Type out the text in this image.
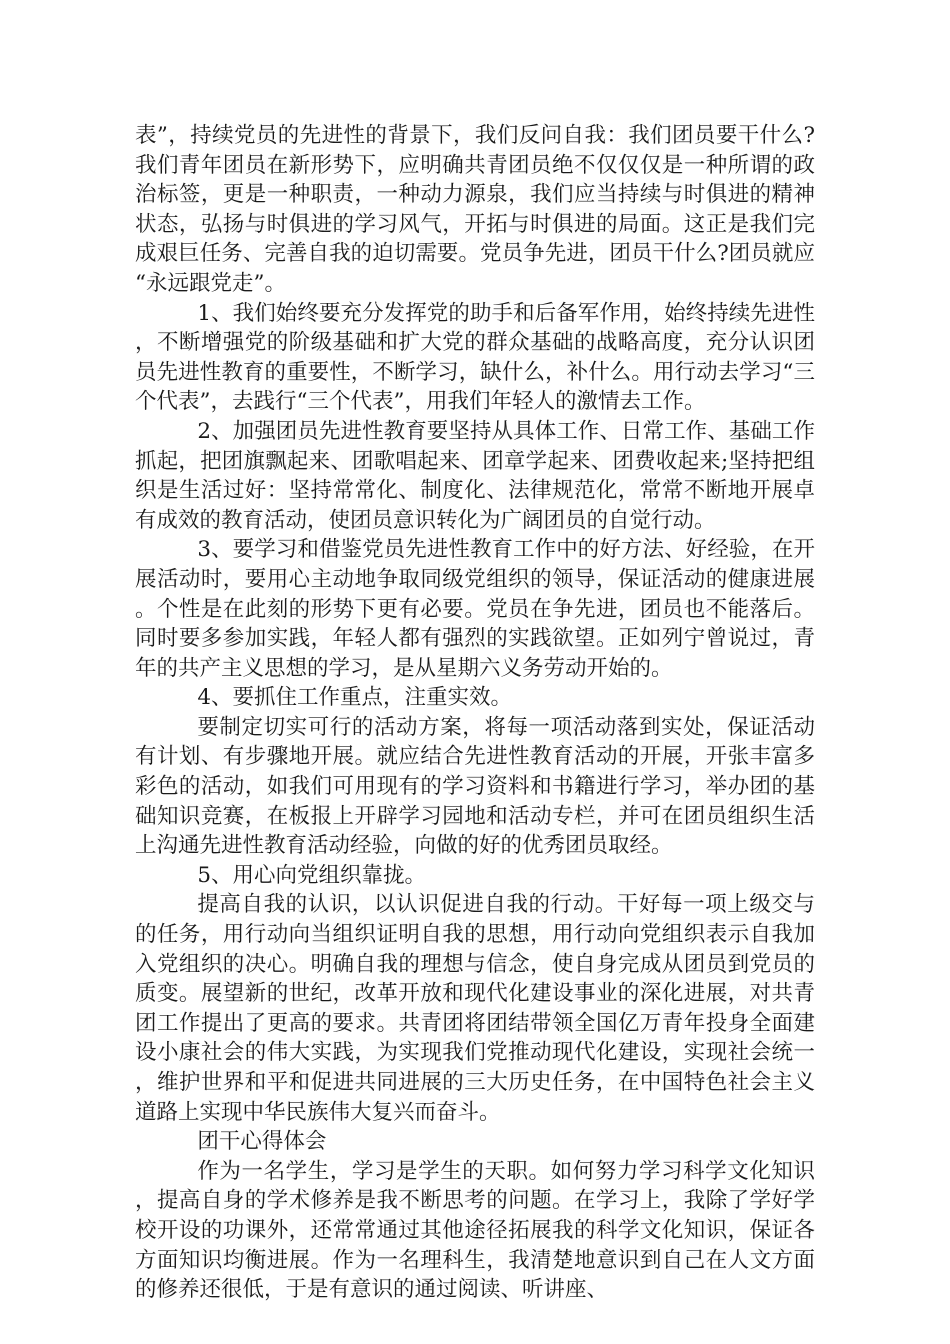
表”，持续党员的先进性的背景下，我们反问自我：我们团员要干什么?我们青年团员在新形势下，应明确共青团员绝不仅仅仅是一种所谓的政治标签，更是一种职责，一种动力源泉，我们应当持续与时俱进的精神状态，弘扬与时俱进的学习风气，开拓与时俱进的局面。这正是我们完成艰巨任务、完善自我的迫切需要。党员争先进，团员干什么?团员就应“永远跟党走”。

1、我们始终要充分发挥党的助手和后备军作用，始终持续先进性，不断增强党的阶级基础和扩大党的群众基础的战略高度，充分认识团员先进性教育的重要性，不断学习，缺什么，补什么。用行动去学习“三个代表”，去践行“三个代表”，用我们年轻人的激情去工作。

2、加强团员先进性教育要坚持从具体工作、日常工作、基础工作抓起，把团旗飘起来、团歌唱起来、团章学起来、团费收起来;坚持把组织是生活过好：坚持常常化、制度化、法律规范化，常常不断地开展卓有成效的教育活动，使团员意识转化为广阔团员的自觉行动。

3、要学习和借鉴党员先进性教育工作中的好方法、好经验，在开展活动时，要用心主动地争取同级党组织的领导，保证活动的健康进展。个性是在此刻的形势下更有必要。党员在争先进，团员也不能落后。同时要多参加实践，年轻人都有强烈的实践欲望。正如列宁曾说过，青年的共产主义思想的学习，是从星期六义务劳动开始的。

4、要抓住工作重点，注重实效。

要制定切实可行的活动方案，将每一项活动落到实处，保证活动有计划、有步骤地开展。就应结合先进性教育活动的开展，开张丰富多彩色的活动，如我们可用现有的学习资料和书籍进行学习，举办团的基础知识竞赛，在板报上开辟学习园地和活动专栏，并可在团员组织生活上沟通先进性教育活动经验，向做的好的优秀团员取经。

5、用心向党组织靠拢。

提高自我的认识，以认识促进自我的行动。干好每一项上级交与的任务，用行动向当组织证明自我的思想，用行动向党组织表示自我加入党组织的决心。明确自我的理想与信念，使自身完成从团员到党员的质变。展望新的世纪，改革开放和现代化建设事业的深化进展，对共青团工作提出了更高的要求。共青团将团结带领全国亿万青年投身全面建设小康社会的伟大实践，为实现我们党推动现代化建设，实现社会统一，维护世界和平和促进共同进展的三大历史任务，在中国特色社会主义道路上实现中华民族伟大复兴而奋斗。

团干心得体会

作为一名学生，学习是学生的天职。如何努力学习科学文化知识，提高自身的学术修养是我不断思考的问题。在学习上，我除了学好学校开设的功课外，还常常通过其他途径拓展我的科学文化知识，保证各方面知识均衡进展。作为一名理科生，我清楚地意识到自己在人文方面的修养还很低，于是有意识的通过阅读、听讲座、
